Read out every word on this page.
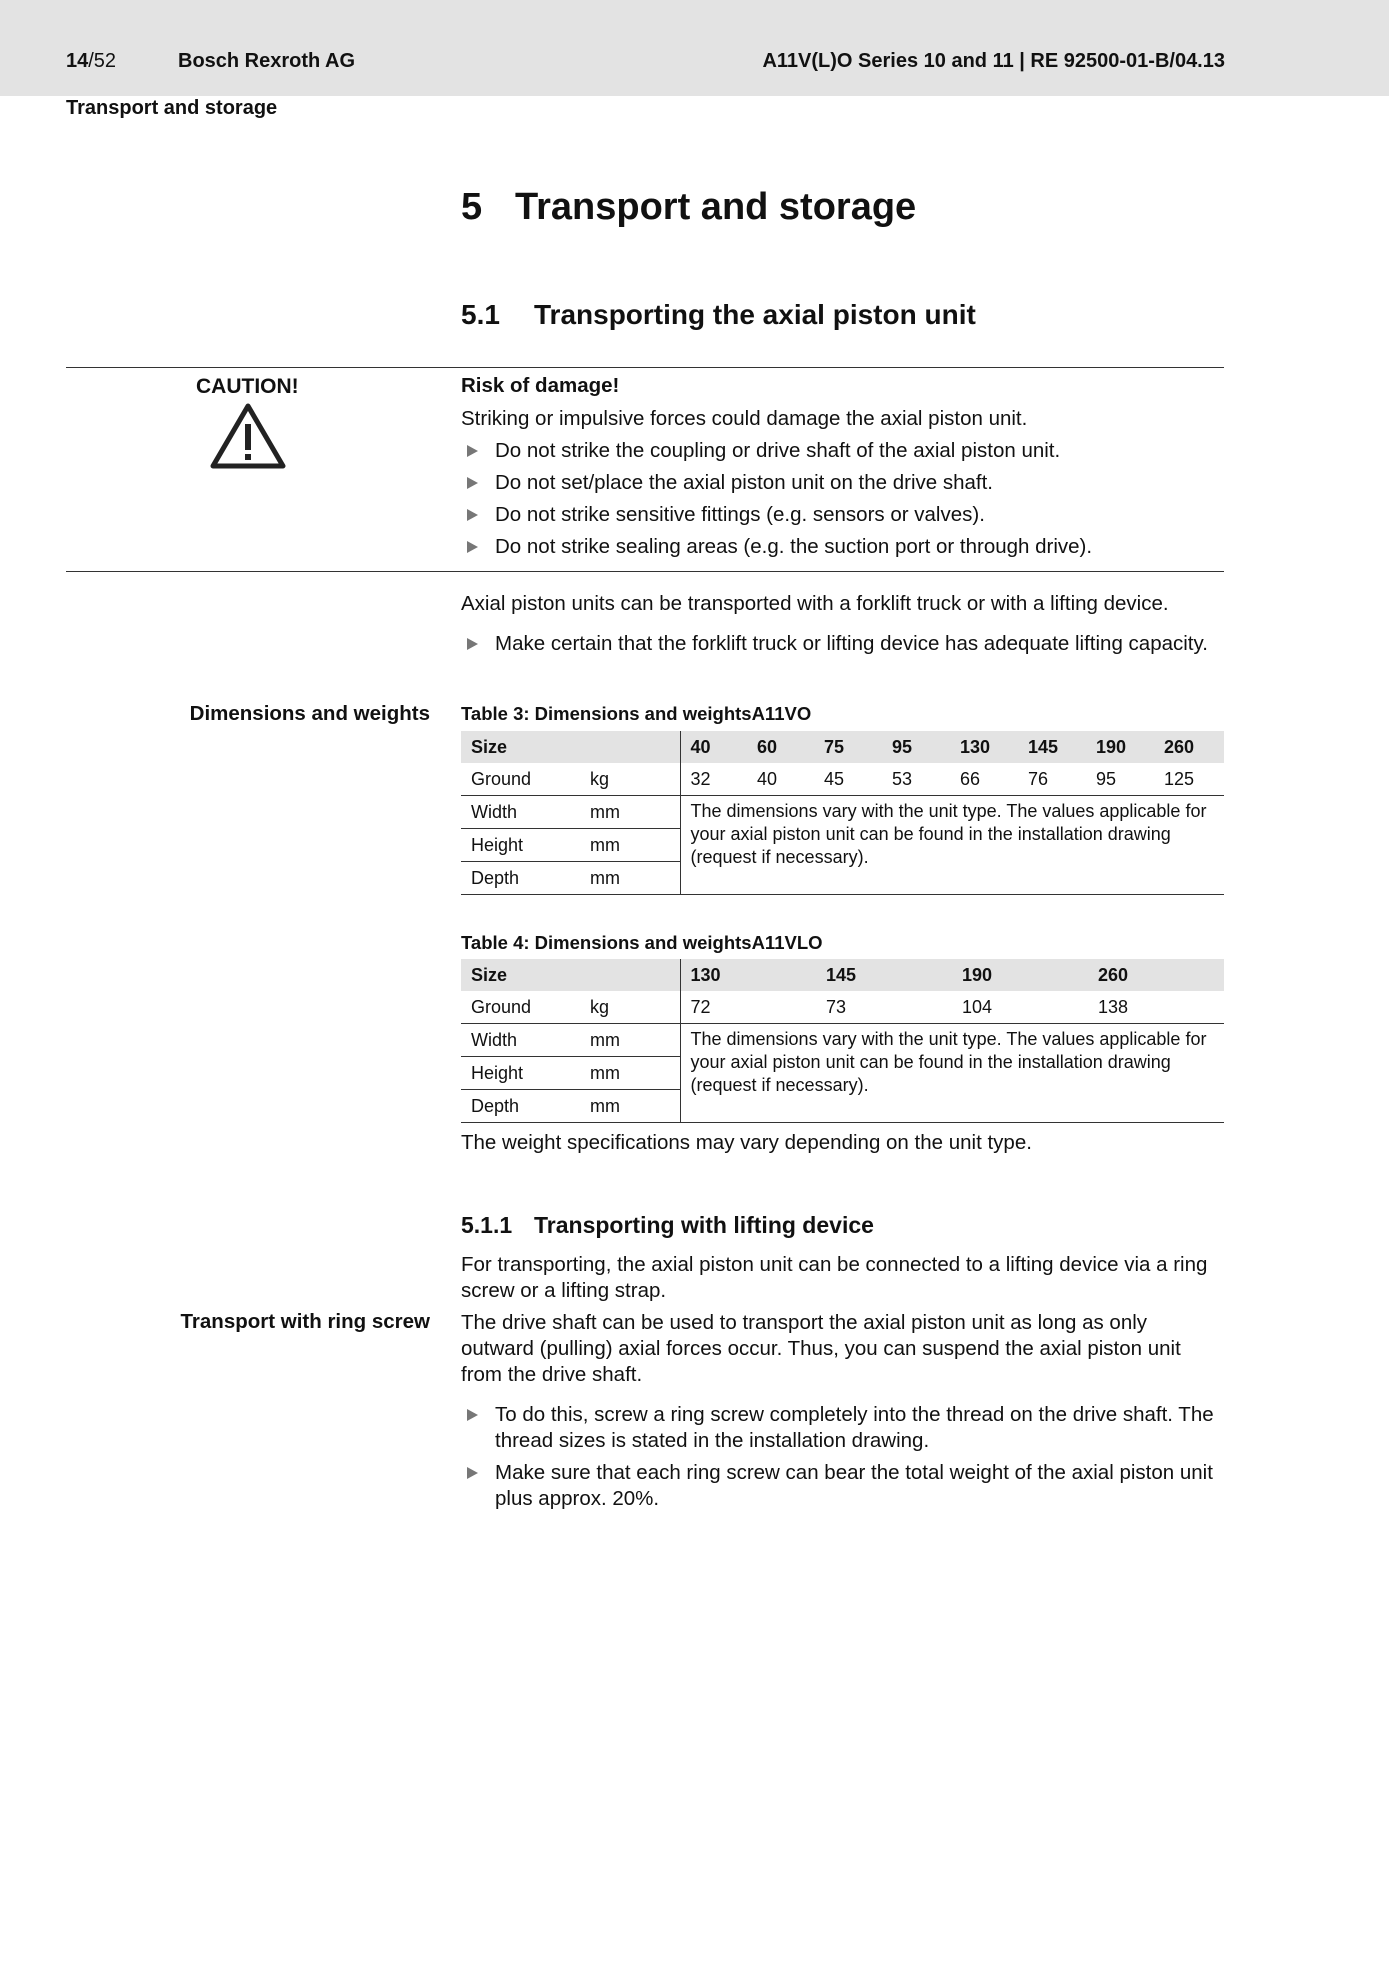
14/52	Bosch Rexroth AG	A11V(L)O Series 10 and 11 | RE 92500-01-B/04.13
Transport and storage
5 Transport and storage
5.1 Transporting the axial piston unit
CAUTION!	Risk of damage!
Striking or impulsive forces could damage the axial piston unit.
Do not strike the coupling or drive shaft of the axial piston unit.
Do not set/place the axial piston unit on the drive shaft.
Do not strike sensitive fittings (e.g. sensors or valves).
Do not strike sealing areas (e.g. the suction port or through drive).
Axial piston units can be transported with a forklift truck or with a lifting device.
Make certain that the forklift truck or lifting device has adequate lifting capacity.
Dimensions and weights Table 3: Dimensions and weightsA11VO
Size		40	60	75	95	130	145	190	260
Ground	kg	32	40	45	53	66	76	95	125
Width	mm	The dimensions vary with the unit type. The values applicable for your axial piston unit can be found in the installation drawing (request if necessary).							
Height	mm								
Depth	mm								
Table 4: Dimensions and weightsA11VLO
Size		130	145	190	260
Ground	kg	72	73	104	138
Width	mm	The dimensions vary with the unit type. The values applicable for your axial piston unit can be found in the installation drawing (request if necessary).			
Height	mm				
Depth	mm				
The weight specifications may vary depending on the unit type.
5.1.1 Transporting with lifting device
For transporting, the axial piston unit can be connected to a lifting device via a ring screw or a lifting strap.
Transport with ring screw The drive shaft can be used to transport the axial piston unit as long as only outward (pulling) axial forces occur. Thus, you can suspend the axial piston unit from the drive shaft.
To do this, screw a ring screw completely into the thread on the drive shaft. The thread sizes is stated in the installation drawing.
Make sure that each ring screw can bear the total weight of the axial piston unit plus approx. 20%.
